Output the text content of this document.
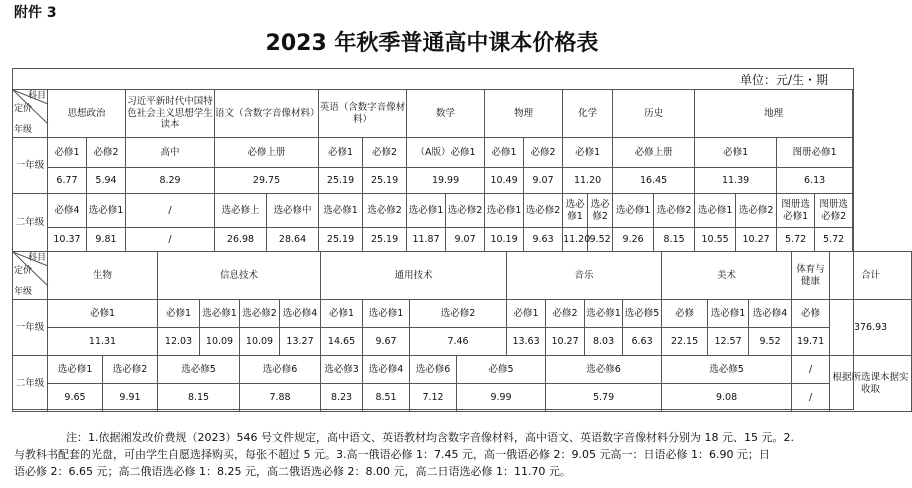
附件 3
2023 年秋季普通高中课本价格表
单位：元/生・期
科目
定价
年级	思想政治		习近平新时代中国特色社会主义思想学生读本	语文（含数字音像材料）		英语（含数字音像材料）		数学		物理		化学		历史		地理			
一年级	必修1	必修2	高中	必修上册		必修1	必修2	（A版）必修1		必修1	必修2	必修1		必修上册		必修1		图册必修1	
	6.77	5.94	8.29	29.75		25.19	25.19	19.99		10.49	9.07	11.20		16.45		11.39		6.13	
二年级	必修4	选必修1	/	选必修上	选必修中	选必修1	选必修2	选必修1	选必修2	选必修1	选必修2	选必修1	选必修2	选必修1	选必修2	选必修1	选必修2	图册选必修1	图册选必修2
	10.37	9.81	/	26.98	28.64	25.19	25.19	11.87	9.07	10.19	9.63	11.20	9.52	9.26	8.15	10.55	10.27	5.72	5.72
科目
定价
年级	生物		信息技术				通用技术				音乐				美术			体育与健康	合计
一年级	必修1		必修1	选必修1	选必修2	选必修4	必修1	选必修1	选必修2		必修1	必修2	选必修1	选必修5	必修	选必修1	选必修4	必修	376.93
	11.31		12.03	10.09	10.09	13.27	14.65	9.67	7.46		13.63	10.27	8.03	6.63	22.15	12.57	9.52	19.71	
二年级	选必修1	选必修2	选必修5		选必修6		选必修3	选必修4	选必修6	必修5		选必修6			选必修5			/	根据所选课本据实收取
	9.65	9.91	8.15		7.88		8.23	8.51	7.12	9.99		5.79			9.08			/	

注：1.依据湘发改价费规（2023）546 号文件规定，高中语文、英语教材均含数字音像材料，高中语文、英语数字音像材料分别为 18 元、15 元。2.

与教科书配套的光盘，可由学生自愿选择购买，每张不超过 5 元。3.高一俄语必修 1：7.45 元，高一俄语必修 2：9.05 元高一：日语必修 1：6.90 元；日

语必修 2：6.65 元；高二俄语选必修 1：8.25 元，高二俄语选必修 2：8.00 元，高二日语选必修 1：11.70 元。
